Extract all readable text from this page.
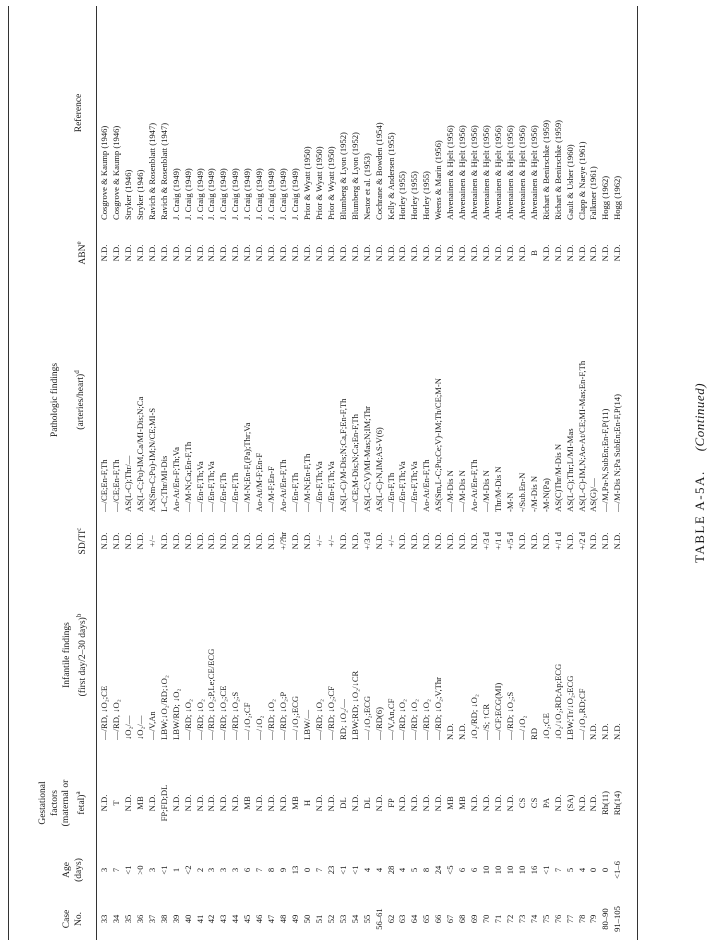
TABLE A-5A.    (Continued)
Case No.
Age (days)
Gestational factors (maternal or fetal)$^a$
Infantile findings (first day/2–30 days)$^b$
$SD/TI^c$
Pathologic findings	(arteries/heart)$^d$
ABN$^e$
Reference
33
3
N.D.
—/RD, ↓O₂;CE
N.D.
—/CE;En-F,Th
N.D.
Cosgrove & Kaump (1946)
34
7
T
—/RD, ↓O₂
N.D.
—/CE;En-F,Th
N.D.
Cosgrove & Kaump (1946)
35
<1
N.D.
↓O₂/—
N.D.
AS(L-C);Thr/—
N.D.
Stryker (1946)
36
>0
MB
↓O₂/—
N.D.
AS(L-C;Pu)-IM,Ca/MI-Dis;N;Ca
N.D.
Stryker (1946)
37
3
N.D.
—/V,An
+/−
AS(Sm-C;Pu)-IM;N/CE;MI-S
N.D.
Ravich & Rosenblatt (1947)
38
<1
FP;FD;DL
LBW;↓O₂/RD;↓O₂
N.D.
L-C;Thr/MI-Dis
N.D.
Ravich & Rosenblatt (1947)
39
1
N.D.
LBW/RD; ↓O₂
N.D.
Ao-At/En-F;Th;Va
N.D.
J. Craig (1949)
40
<2
N.D.
—/RD; ↓O₂
N.D.
—/M-N;Ca;En-F,Th
N.D.
J. Craig (1949)
41
2
N.D.
—/RD; ↓O₂
N.D.
—/En-F,Th;Va
N.D.
J. Craig (1949)
42
3
N.D.
—/RD; ↓O₂;P,Le;CE/ECG
N.D.
—/En-F,Th;Va
N.D.
J. Craig (1949)
43
3
N.D.
—/RD; ↓O₂;CE
N.D.
—/En-F,Th
N.D.
J. Craig (1949)
44
3
N.D.
—/RD; ↓O₂;S
N.D.
—/En-F,Th
N.D.
J. Craig (1949)
45
6
MB
—/↓O₂;CF
N.D.
—/M-N;En-F,(Pa);Thr;Va
N.D.
J. Craig (1949)
46
7
N.D.
—/↓O₂
N.D.
Ao-At/M-F;En-F
N.D.
J. Craig (1949)
47
8
N.D.
—/RD; ↓O₂
N.D.
—/M-F;En-F
N.D.
J. Craig (1949)
48
9
N.D.
—/RD; ↓O₂;P
+/?hr
Ao-At/En-F,Th
N.D.
J. Craig (1949)
49
13
MB
—/↓O₂;ECG
N.D.
—/En-F,Th
N.D.
J. Craig (1949)
50
0
H
LBW/—
N.D.
—/M-N;En-F,Th
N.D.
Prior & Wyatt (1950)
51
7
N.D.
—/RD; ↓O₂
+/−
—/En-F,Th;Va
N.D.
Prior & Wyatt (1950)
52
23
N.D.
—/RD; ↓O₂;CF
+/−
—/En-F,Th;Va
N.D.
Prior & Wyatt (1950)
53
<1
DL
RD; ↓O₂/—
N.D.
AS(L-C)/M-Dis;N;Ca,F;En-F,Th
N.D.
Blumberg & Lyon (1952)
54
<1
N.D.
LBW;RD; ↓O₂/↓CR
N.D.
—/CE;M-Dis;N;Ca;En-F,Th
N.D.
Blumberg & Lyon (1952)
55
4
DL
—/↓O₂;ECG
+/3 d
AS(L-C;V)/MI-Mas;N;IM;Thr
N.D.
Nestor et al. (1953)
56–61
4
N.D.
—/RD(6)
N.D.
AS(L-C)-N,IM;AS-V(6)
N.D.
Cochrane & Bowden (1954)
62
28
FP
—/V,An,CF
+/−
—/En-F,Th
N.D.
Kelly & Andersen (1955)
63
4
N.D.
—/RD; ↓O₂
N.D.
—/En-F,Th;Va
N.D.
Horley (1955)
64
5
N.D.
—/RD; ↓O₂
N.D.
—/En-F,Th;Va
N.D.
Horley (1955)
65
8
N.D.
—/RD; ↓O₂
N.D.
Ao-At/En-F,Th
N.D.
Horley (1955)
66
24
N.D.
—/RD; ↓O₂;V,Thr
N.D.
AS(Sm,L-C;Pu;Ce;V)-IM;Th/CE;M-N
N.D.
Weens & Marin (1956)
67
<5
MB
N.D.
N.D.
—/M-Dis N
N.D.
Ahvenainen & Hjelt (1956)
68
6
MB
N.D.
N.D.
—/M-Dis N
N.D.
Ahvenainen & Hjelt (1956)
69
6
N.D.
↓O₂/RD; ↓O₂
N.D.
Ao-At/En-F,Th
N.D.
Ahvenainen & Hjelt (1956)
70
10
N.D.
—/S; ↑CR
+/3 d
—/M-Dis N
N.D.
Ahvenainen & Hjelt (1956)
71
10
N.D.
—/CF;ECG(MI)
+/1 d
Thr/M-Dis N
N.D.
Ahvenainen & Hjelt (1956)
72
10
N.D.
—/RD; ↓O₂;S
+/5 d
-M-N
N.D.
Ahvenainen & Hjelt (1956)
73
10
CS
—/↓O₂
N.D.
-/Sub.En-N
N.D.
Ahvenainen & Hjelt (1956)
74
16
CS
RD
N.D.
-/M-Dis N
B
Ahvenainen & Hjelt (1956)
75
<1
PA
↓O₂;CE
N.D.
-M-N(Pa)
N.D.
Richart & Benirschke (1959)
76
7
N.D.
↓O₂/↓O₂;RD;Ap;ECG
+/1 d
AS(C)Thr/M-Dis N
N.D.
Richart & Benirschke (1959)
77
5
(SA)
LBW;Tr/↓O₂;ECG
N.D.
AS(L-C);Thr;L/MI-Mas
N.D.
Gault & Usher (1960)
78
4
N.D.
—/↓O₂,RD;CF
+/2 d
AS(L-C)-IM,N;Ao-At/CE;MI-Mas;En-F,Th
N.D.
Clapp & Naeye (1961)
79
0
N.D.
N.D.
N.D.
AS(G)/—
N.D.
Falkmer (1961)
80–90
0
Rh(11)
N.D.
N.D.
—/M,Pa-N,SubEn;En-F,P(11)
N.D.
Hogg (1962)
91–105
<1–6
Rh(14)
N.D.
N.D.
—/M-Dis N;Pa SubEn;En-F,P(14)
N.D.
Hogg (1962)
